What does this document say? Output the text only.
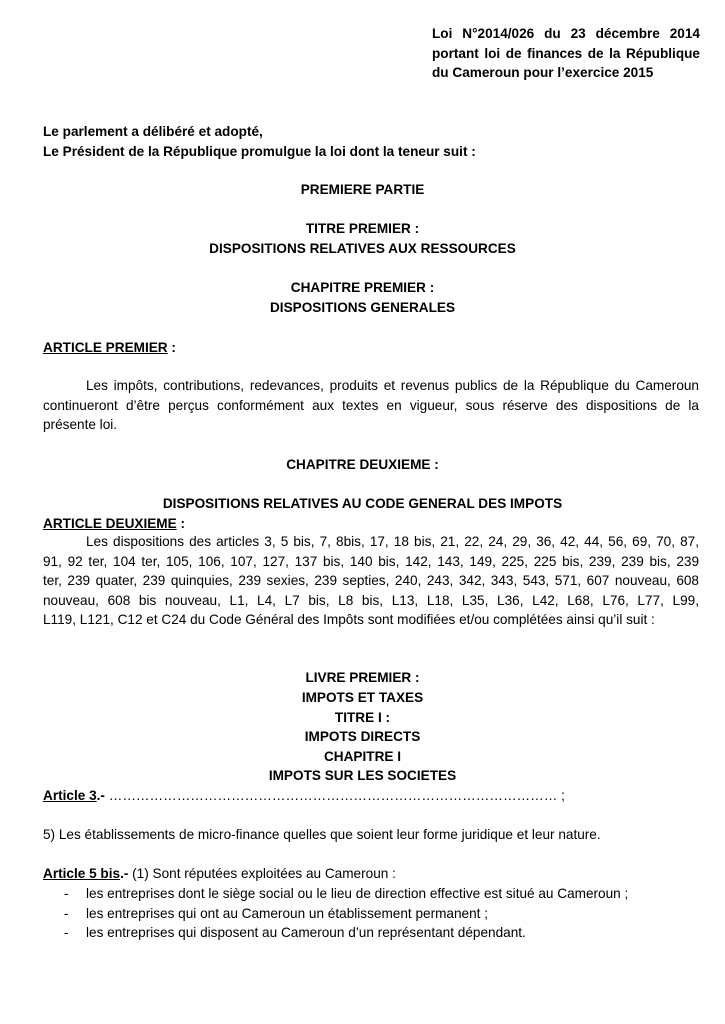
Loi N°2014/026 du 23 décembre 2014
portant loi de finances de la République
du Cameroun pour l’exercice 2015
Le parlement a délibéré et adopté,
Le Président de la République promulgue la loi dont la teneur suit :
PREMIERE PARTIE
TITRE PREMIER :
DISPOSITIONS RELATIVES AUX RESSOURCES
CHAPITRE PREMIER :
DISPOSITIONS GENERALES
ARTICLE PREMIER :
Les impôts, contributions, redevances, produits et revenus publics de la République du Cameroun
continueront d’être perçus conformément aux textes en vigueur, sous réserve des dispositions de la
présente loi.
CHAPITRE DEUXIEME :
DISPOSITIONS RELATIVES AU CODE GENERAL DES IMPOTS
ARTICLE DEUXIEME :
Les dispositions des articles 3, 5 bis, 7, 8bis, 17, 18 bis, 21, 22, 24, 29, 36, 42, 44, 56, 69, 70, 87,
91, 92 ter, 104 ter, 105, 106, 107, 127, 137 bis, 140 bis, 142, 143, 149, 225, 225 bis, 239, 239 bis, 239
ter, 239 quater, 239 quinquies, 239 sexies, 239 septies, 240, 243, 342, 343, 543, 571, 607 nouveau, 608
nouveau, 608 bis nouveau, L1, L4, L7 bis, L8 bis, L13, L18, L35, L36, L42, L68, L76, L77, L99,
L119, L121, C12 et C24 du Code Général des Impôts sont modifiées et/ou complétées ainsi qu’il suit :
LIVRE PREMIER :
IMPOTS ET TAXES
TITRE I :
IMPOTS DIRECTS
CHAPITRE I
IMPOTS SUR LES SOCIETES
Article 3.- ……………………………………………………………………………………… ;
5) Les établissements de micro-finance quelles que soient leur forme juridique et leur nature.
Article 5 bis.- (1) Sont réputées exploitées au Cameroun :
- les entreprises dont le siège social ou le lieu de direction effective est situé au Cameroun ;
- les entreprises qui ont au Cameroun un établissement permanent ;
- les entreprises qui disposent au Cameroun d’un représentant dépendant.
